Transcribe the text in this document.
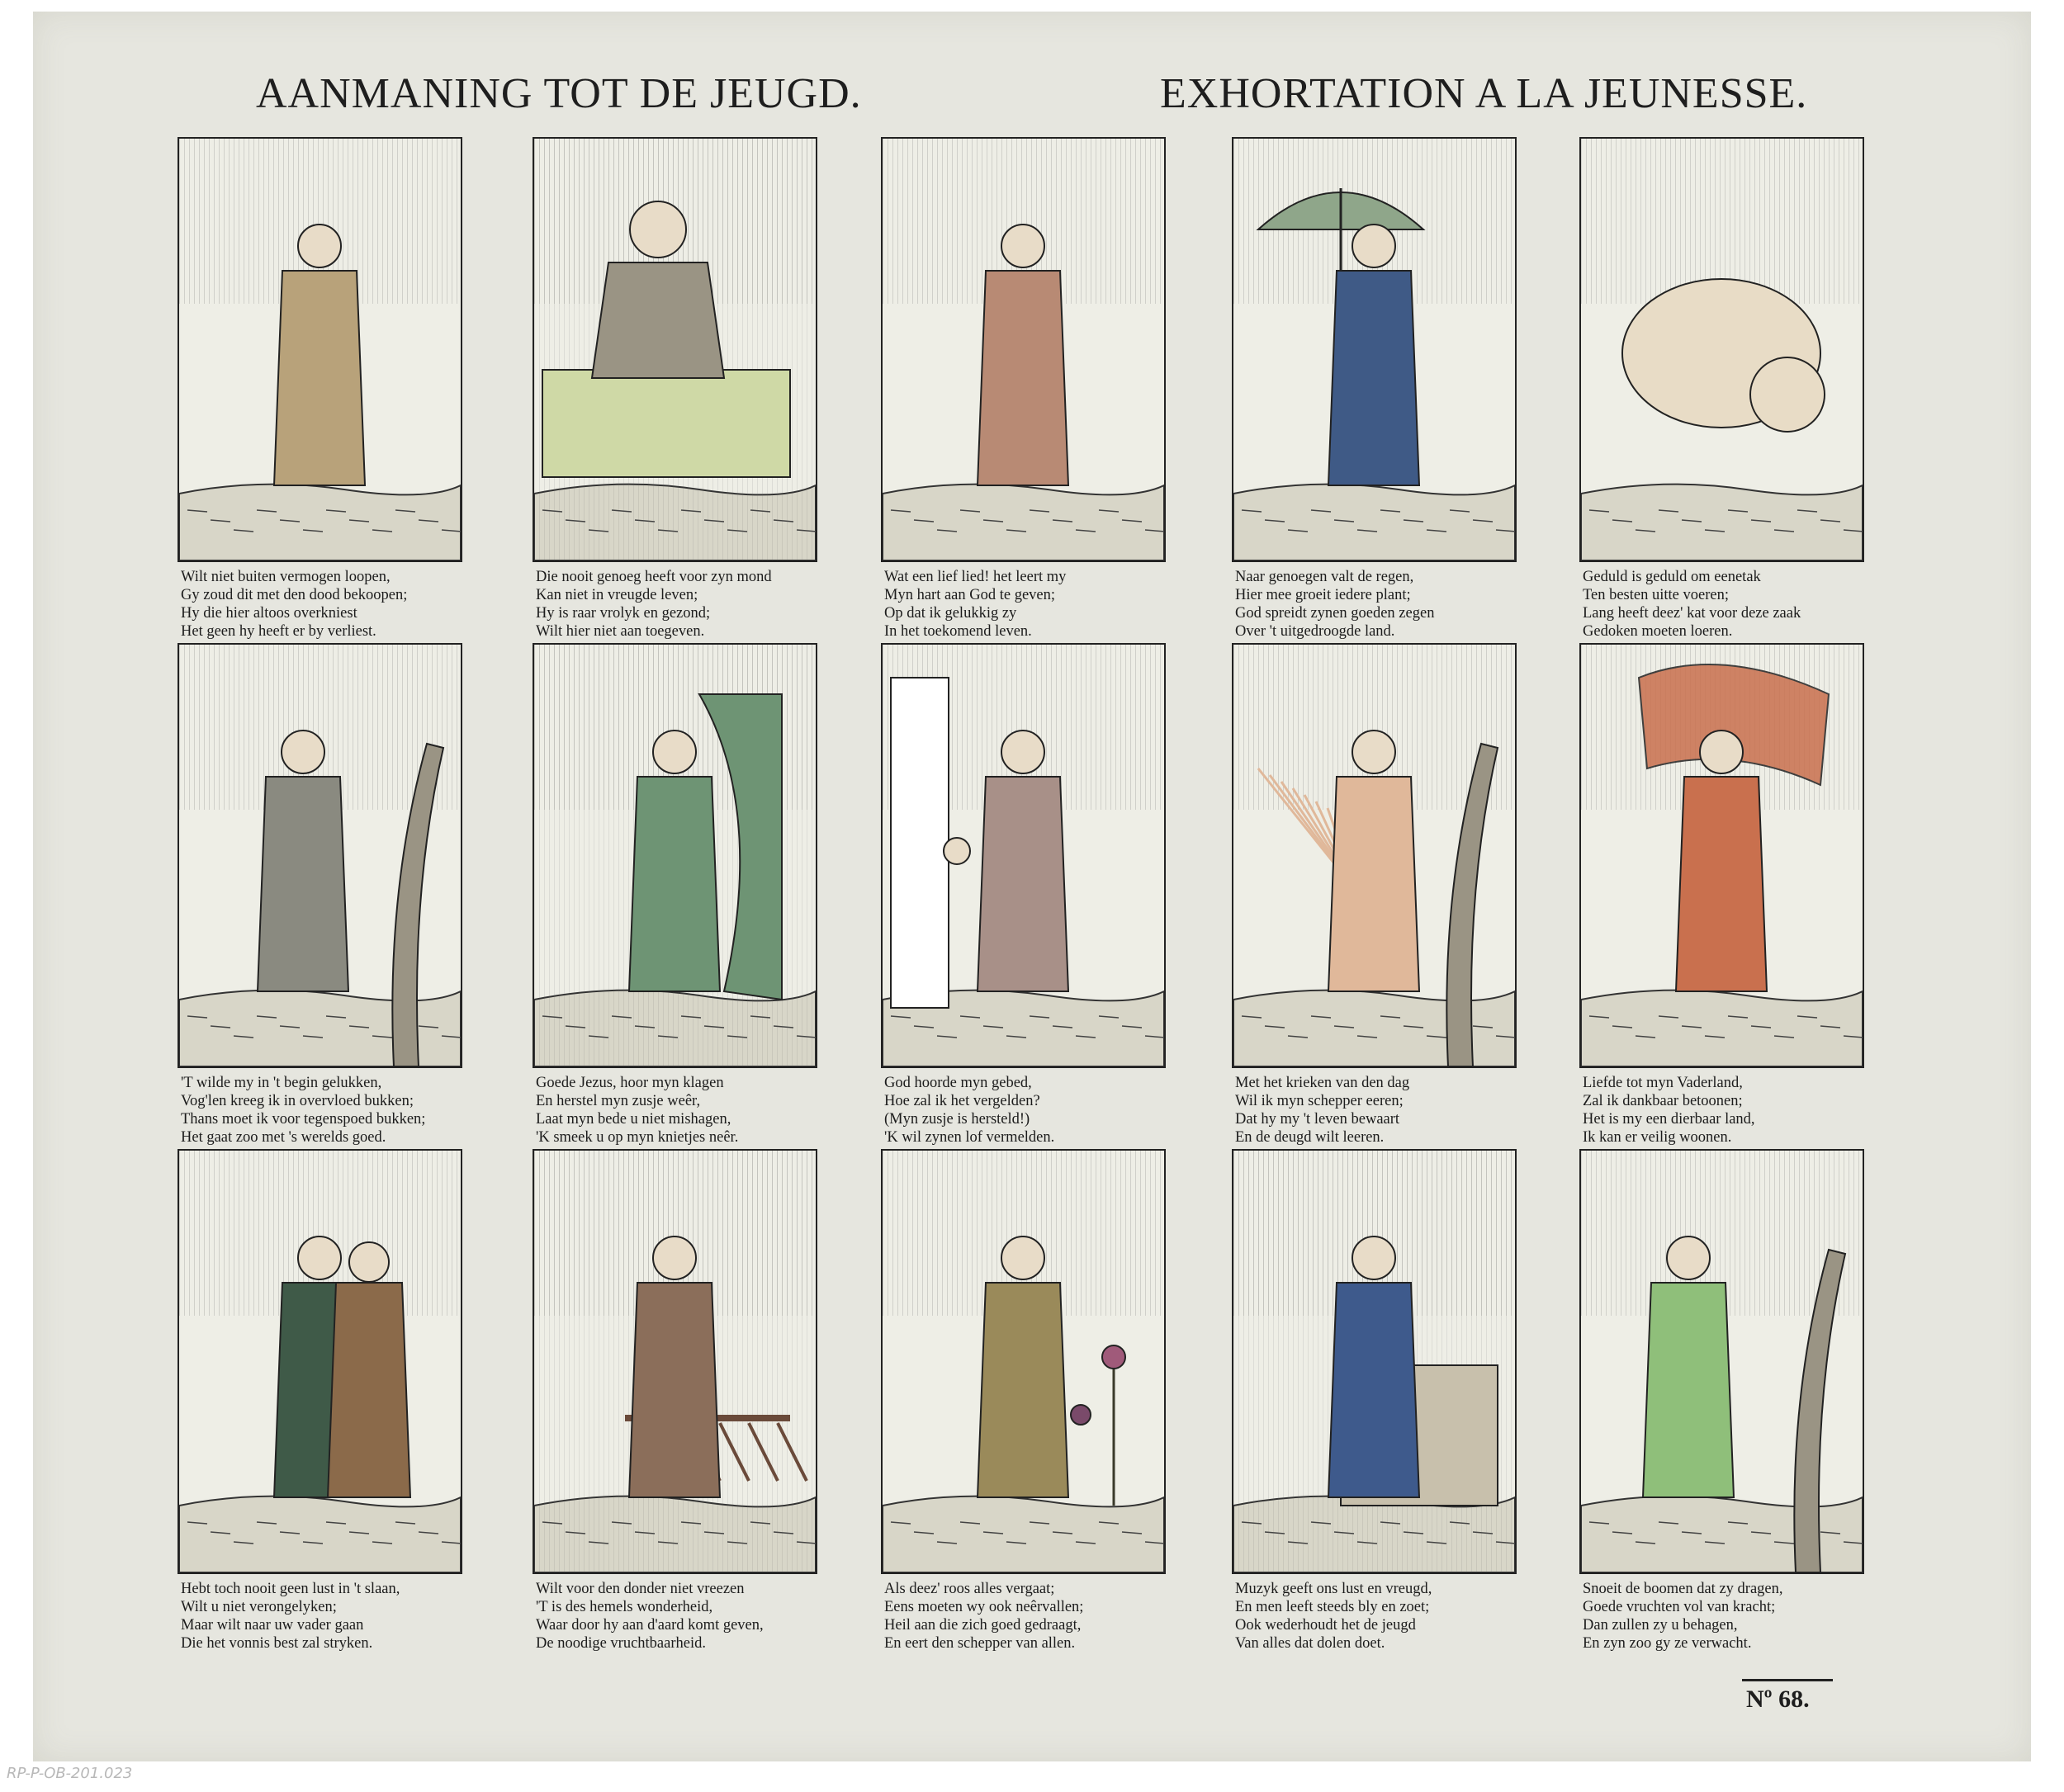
AANMANING TOT DE JEUGD.	EXHORTATION A LA JEUNESSE.
Wilt niet buiten vermogen loopen,
Gy zoud dit met den dood bekoopen;
Hy die hier altoos overkniest
Het geen hy heeft er by verliest.
Die nooit genoeg heeft voor zyn mond
Kan niet in vreugde leven;
Hy is raar vrolyk en gezond;
Wilt hier niet aan toegeven.
Wat een lief lied! het leert my
Myn hart aan God te geven;
Op dat ik gelukkig zy
In het toekomend leven.
Naar genoegen valt de regen,
Hier mee groeit iedere plant;
God spreidt zynen goeden zegen
Over 't uitgedroogde land.
Geduld is geduld om eenetak
Ten besten uitte voeren;
Lang heeft deez' kat voor deze zaak
Gedoken moeten loeren.
'T wilde my in 't begin gelukken,
Vog'len kreeg ik in overvloed bukken;
Thans moet ik voor tegenspoed bukken;
Het gaat zoo met 's werelds goed.
Goede Jezus, hoor myn klagen
En herstel myn zusje weêr,
Laat myn bede u niet mishagen,
'K smeek u op myn knietjes neêr.
God hoorde myn gebed,
Hoe zal ik het vergelden?
(Myn zusje is hersteld!)
'K wil zynen lof vermelden.
Met het krieken van den dag
Wil ik myn schepper eeren;
Dat hy my 't leven bewaart
En de deugd wilt leeren.
Liefde tot myn Vaderland,
Zal ik dankbaar betoonen;
Het is my een dierbaar land,
Ik kan er veilig woonen.
Hebt toch nooit geen lust in 't slaan,
Wilt u niet verongelyken;
Maar wilt naar uw vader gaan
Die het vonnis best zal stryken.
Wilt voor den donder niet vreezen
'T is des hemels wonderheid,
Waar door hy aan d'aard komt geven,
De noodige vruchtbaarheid.
Als deez' roos alles vergaat;
Eens moeten wy ook neêrvallen;
Heil aan die zich goed gedraagt,
En eert den schepper van allen.
Muzyk geeft ons lust en vreugd,
En men leeft steeds bly en zoet;
Ook wederhoudt het de jeugd
Van alles dat dolen doet.
Snoeit de boomen dat zy dragen,
Goede vruchten vol van kracht;
Dan zullen zy u behagen,
En zyn zoo gy ze verwacht.
Nº 68.
RP-P-OB-201.023
